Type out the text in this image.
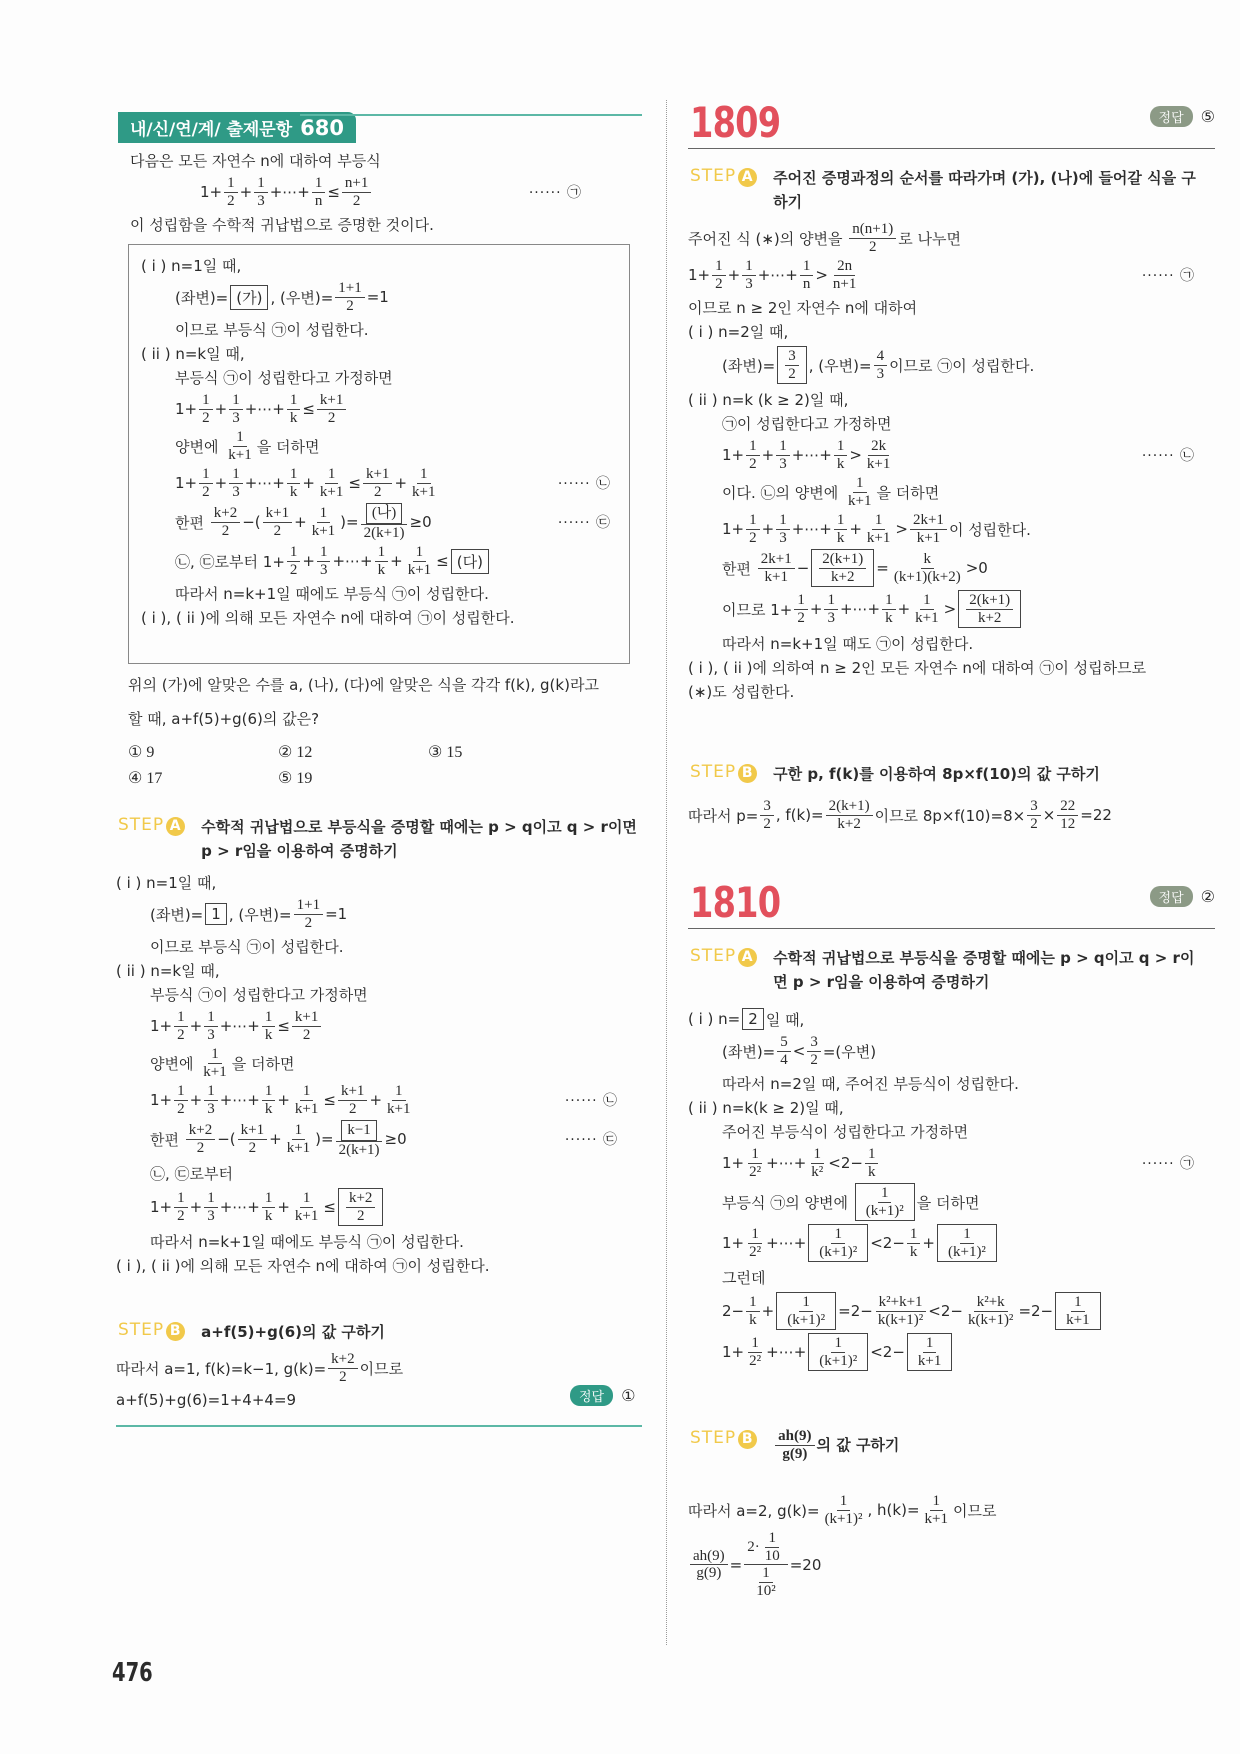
내/신/연/계/ 출제문항 680
다음은 모든 자연수 n에 대하여 부등식
$1+ \frac{1}{2} + \frac{1}{3}$ +⋯+ $\frac{1}{n} \le \frac{n+1}{2}$	······ ㉠
이 성립함을 수학적 귀납법으로 증명한 것이다.
( i ) n=1일 때,
(좌변)= (가) , (우변)= $\frac{1+1}{2} =1$
이므로 부등식 ㉠이 성립한다.
( ii ) n=k일 때,
부등식 ㉠이 성립한다고 가정하면
$1+ \frac{1}{2} + \frac{1}{3}$ +⋯+ $\frac{1}{k} \le \frac{k+1}{2}$
양변에 $\frac{1}{k+1}$ 을 더하면
$1+ \frac{1}{2} + \frac{1}{3}$ +⋯+ $\frac{1}{k} + \frac{1}{k+1} \le \frac{k+1}{2} + \frac{1}{k+1}$	······ ㉡
한편 $\frac{k+2}{2}$ −( $\frac{k+1}{2} + \frac{1}{k+1}$ )= $\frac{\text{(나)}}{2(k+1)} \ge 0$	······ ㉢
㉡, ㉢로부터 $1+ \frac{1}{2} + \frac{1}{3}$ +⋯+ $\frac{1}{k} + \frac{1}{k+1}$ ≤ (다)
따라서 n=k+1일 때에도 부등식 ㉠이 성립한다.
( i ), ( ii )에 의해 모든 자연수 n에 대하여 ㉠이 성립한다.
위의 (가)에 알맞은 수를 a, (나), (다)에 알맞은 식을 각각 f(k), g(k)라고
할 때, a+f(5)+g(6)의 값은?
① 9	② 12	③ 15
④ 17	⑤ 19
STEP A	수학적 귀납법으로 부등식을 증명할 때에는 p > q이고 q > r이면 p > r임을 이용하여 증명하기
( i ) n=1일 때,
(좌변)= 1 , (우변)= $\frac{1+1}{2} =1$
이므로 부등식 ㉠이 성립한다.
( ii ) n=k일 때,
부등식 ㉠이 성립한다고 가정하면
$1+ \frac{1}{2} + \frac{1}{3}$ +⋯+ $\frac{1}{k} \le \frac{k+1}{2}$
양변에 $\frac{1}{k+1}$ 을 더하면
$1+ \frac{1}{2} + \frac{1}{3}$ +⋯+ $\frac{1}{k} + \frac{1}{k+1} \le \frac{k+1}{2} + \frac{1}{k+1}$	······ ㉡
한편 $\frac{k+2}{2}$ −( $\frac{k+1}{2} + \frac{1}{k+1}$ )= $\frac{k-1}{2(k+1)} \ge 0$	······ ㉢
㉡, ㉢로부터
$1+ \frac{1}{2} + \frac{1}{3}$ +⋯+ $\frac{1}{k} + \frac{1}{k+1} \le \frac{k+2}{2}$
따라서 n=k+1일 때에도 부등식 ㉠이 성립한다.
( i ), ( ii )에 의해 모든 자연수 n에 대하여 ㉠이 성립한다.
STEP B	a+f(5)+g(6)의 값 구하기
따라서 a=1, f(k)=k−1, $g(k)= \frac{k+2}{2}$ 이므로
a+f(5)+g(6)=1+4+4=9	정답	①
476
1809	정답	⑤
STEP A	주어진 증명과정의 순서를 따라가며 (가), (나)에 들어갈 식을 구하기
주어진 식 (∗)의 양변을 $\frac{n(n+1)}{2}$ 로 나누면
$1+ \frac{1}{2} + \frac{1}{3}$ +⋯+ $\frac{1}{n} > \frac{2n}{n+1}$	······ ㉠
이므로 n ≥ 2인 자연수 n에 대하여
( i ) n=2일 때,
(좌변)= $\frac{3}{2}$ , (우변)= $\frac{4}{3}$ 이므로 ㉠이 성립한다.
( ii ) n=k (k ≥ 2)일 때,
㉠이 성립한다고 가정하면
$1+ \frac{1}{2} + \frac{1}{3}$ +⋯+ $\frac{1}{k} > \frac{2k}{k+1}$	······ ㉡
이다. ㉡의 양변에 $\frac{1}{k+1}$ 을 더하면
$1+ \frac{1}{2} + \frac{1}{3}$ +⋯+ $\frac{1}{k} + \frac{1}{k+1} > \frac{2k+1}{k+1}$ 이 성립한다.
한편 $\frac{2k+1}{k+1} - \frac{2(k+1)}{k+2} = \frac{k}{(k+1)(k+2)} >0$
이므로 $1+ \frac{1}{2} + \frac{1}{3}$ +⋯+ $\frac{1}{k} + \frac{1}{k+1} > \frac{2(k+1)}{k+2}$
따라서 n=k+1일 때도 ㉠이 성립한다.
( i ), ( ii )에 의하여 n ≥ 2인 모든 자연수 n에 대하여 ㉠이 성립하므로
(∗)도 성립한다.
STEP B	구한 p, f(k)를 이용하여 8p×f(10)의 값 구하기
따라서 $p= \frac{3}{2}$ , $f(k)= \frac{2(k+1)}{k+2}$ 이므로 $8p\times f(10)=8\times \frac{3}{2} \times \frac{22}{12} =22$
1810	정답	②
STEP A	수학적 귀납법으로 부등식을 증명할 때에는 p > q이고 q > r이면 p > r임을 이용하여 증명하기
( i ) n= 2 일 때,
(좌변)= $\frac{5}{4} < \frac{3}{2}$ =(우변)
따라서 n=2일 때, 주어진 부등식이 성립한다.
( ii ) n=k(k ≥ 2)일 때,
주어진 부등식이 성립한다고 가정하면
$1+ \frac{1}{\text{2²}}$ +⋯+ $\frac{1}{\text{k²}} <2- \frac{1}{k}$	······ ㉠
부등식 ㉠의 양변에 $\frac{1}{\text{(k+1)²}}$ 을 더하면
$1+ \frac{1}{\text{2²}}$ +⋯+ $\frac{1}{\text{(k+1)²}} <2- \frac{1}{k} + \frac{1}{\text{(k+1)²}}$
그런데
$2- \frac{1}{k} + \frac{1}{\text{(k+1)²}} =2- \frac{\text{k²+k+1}}{\text{k(k+1)²}} <2- \frac{\text{k²+k}}{\text{k(k+1)²}} =2- \frac{1}{k+1}$
$1+ \frac{1}{\text{2²}}$ +⋯+ $\frac{1}{\text{(k+1)²}} <2- \frac{1}{k+1}$
STEP B $\frac{ah(9)}{g(9)}$ 의 값 구하기
따라서 a=2, $g(k)= \frac{1}{\text{(k+1)²}}$ , $h(k)= \frac{1}{k+1}$ 이므로
$\frac{ah(9)}{g(9)} = \frac{2\cdot \frac{1}{10}}{\frac{1}{\text{10²}}} =20$
